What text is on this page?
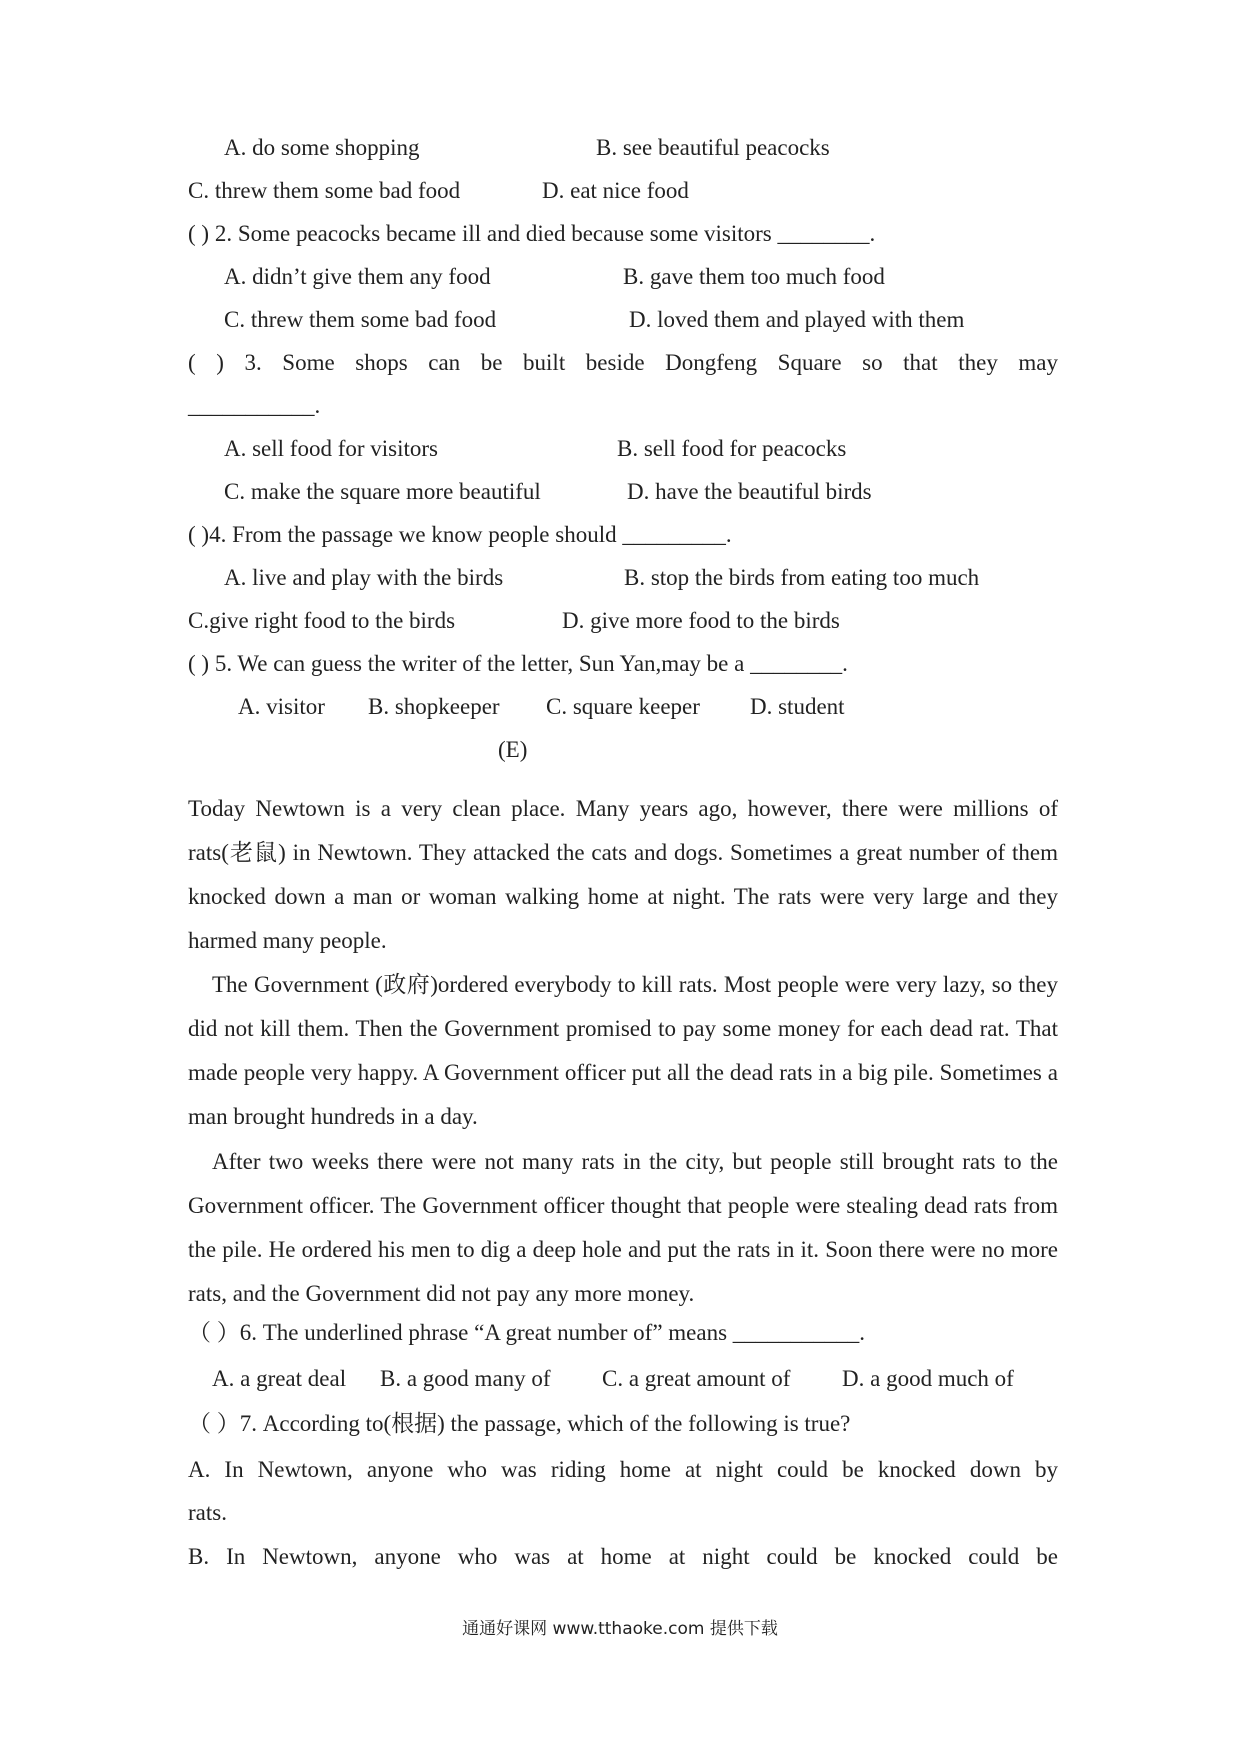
A. do some shopping	B. see beautiful peacocks
C. threw them some bad food	D. eat nice food
( ) 2. Some peacocks became ill and died because some visitors ________.
A. didn’t give them any food	B. gave them too much food
C. threw them some bad food	D. loved them and played with them
( ) 3. Some shops can be built beside Dongfeng Square so that they may
___________.
A. sell food for visitors	B. sell food for peacocks
C. make the square more beautiful	D. have the beautiful birds
( )4. From the passage we know people should _________.
A. live and play with the birds	B. stop the birds from eating too much
C.give right food to the birds	D. give more food to the birds
( ) 5. We can guess the writer of the letter, Sun Yan,may be a ________.
A. visitor B. shopkeeper C. square keeper D. student
(E)

Today Newtown is a very clean place. Many years ago, however, there were millions of rats(老鼠) in Newtown. They attacked the cats and dogs. Sometimes a great number of them knocked down a man or woman walking home at night. The rats were very large and they harmed many people.

The Government (政府)ordered everybody to kill rats. Most people were very lazy, so they did not kill them. Then the Government promised to pay some money for each dead rat. That made people very happy. A Government officer put all the dead rats in a big pile. Sometimes a man brought hundreds in a day.

After two weeks there were not many rats in the city, but people still brought rats to the Government officer. The Government officer thought that people were stealing dead rats from the pile. He ordered his men to dig a deep hole and put the rats in it. Soon there were no more rats, and the Government did not pay any more money.

（ ）6. The underlined phrase “A great number of” means ___________.
A. a great deal B. a good many of C. a great amount of D. a good much of
（ ）7. According to(根据) the passage, which of the following is true?
A. In Newtown, anyone who was riding home at night could be knocked down by
rats.
B. In Newtown, anyone who was at home at night could be knocked could be
通通好课网 www.tthaoke.com 提供下载
